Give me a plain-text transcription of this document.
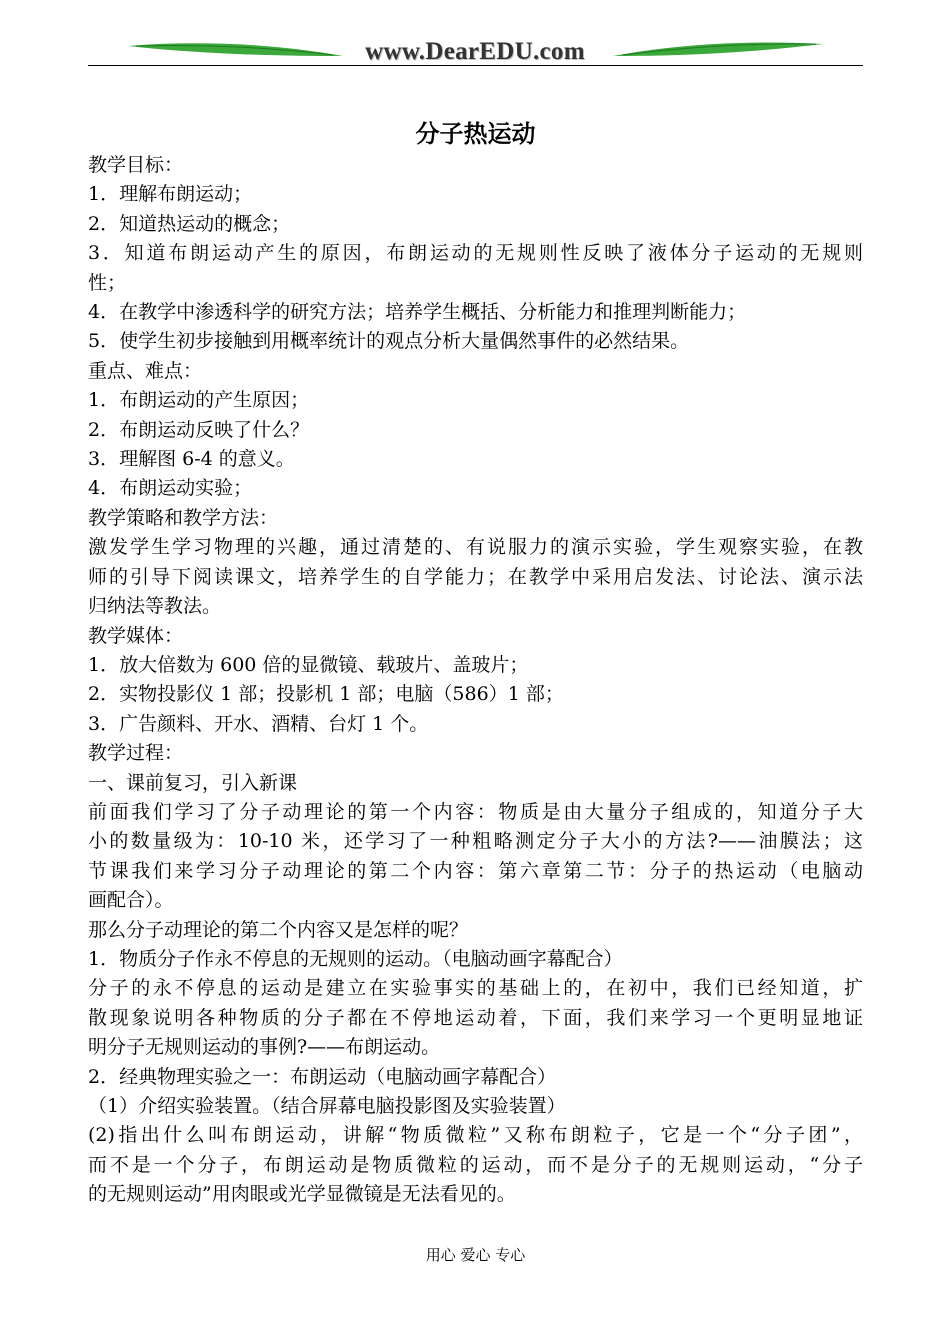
www.DearEDU.com
分子热运动

教学目标：

1．理解布朗运动；

2．知道热运动的概念；

3．知道布朗运动产生的原因，布朗运动的无规则性反映了液体分子运动的无规则

性；

4．在教学中渗透科学的研究方法；培养学生概括、分析能力和推理判断能力；

5．使学生初步接触到用概率统计的观点分析大量偶然事件的必然结果。

重点、难点：

1．布朗运动的产生原因；

2．布朗运动反映了什么？

3．理解图 6-4 的意义。

4．布朗运动实验；

教学策略和教学方法：

激发学生学习物理的兴趣，通过清楚的、有说服力的演示实验，学生观察实验，在教

师的引导下阅读课文，培养学生的自学能力；在教学中采用启发法、讨论法、演示法

归纳法等教法。

教学媒体：

1．放大倍数为 600 倍的显微镜、载玻片、盖玻片；

2．实物投影仪 1 部；投影机 1 部；电脑（586）1 部；

3．广告颜料、开水、酒精、台灯 1 个。

教学过程：

一、课前复习，引入新课

前面我们学习了分子动理论的第一个内容：物质是由大量分子组成的，知道分子大

小的数量级为：10-10 米，还学习了一种粗略测定分子大小的方法?——油膜法；这

节课我们来学习分子动理论的第二个内容：第六章第二节：分子的热运动（电脑动

画配合）。

那么分子动理论的第二个内容又是怎样的呢？

1．物质分子作永不停息的无规则的运动。（电脑动画字幕配合）

分子的永不停息的运动是建立在实验事实的基础上的，在初中，我们已经知道，扩

散现象说明各种物质的分子都在不停地运动着，下面，我们来学习一个更明显地证

明分子无规则运动的事例?——布朗运动。

2．经典物理实验之一：布朗运动（电脑动画字幕配合）

（1）介绍实验装置。（结合屏幕电脑投影图及实验装置）

(2)指出什么叫布朗运动，讲解“物质微粒”又称布朗粒子，它是一个“分子团”，

而不是一个分子，布朗运动是物质微粒的运动，而不是分子的无规则运动，“分子

的无规则运动”用肉眼或光学显微镜是无法看见的。

用心 爱心 专心
